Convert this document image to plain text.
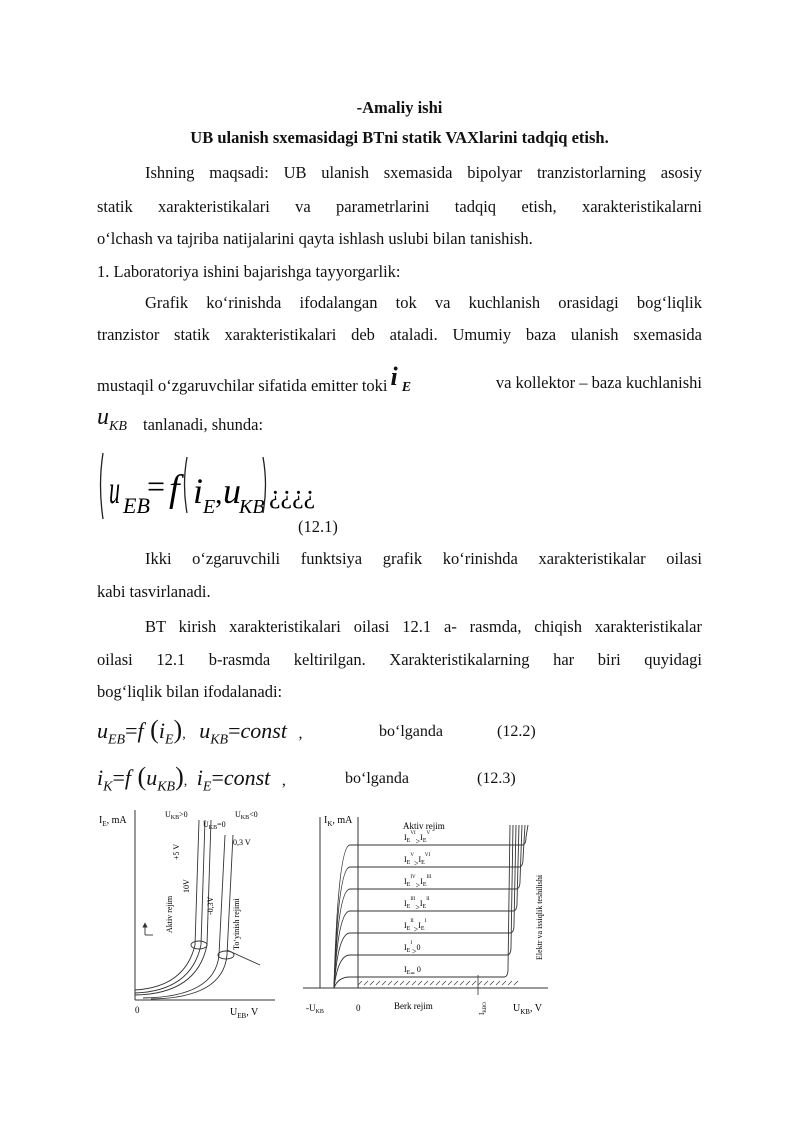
-Amaliy ishi
UB ulanish sxemasidagi BTni statik VAXlarini tadqiq etish.
Ishning maqsadi: UB ulanish sxemasida bipolyar tranzistorlarning asosiy
statik xarakteristikalari va parametrlarini tadqiq etish, xarakteristikalarni
o‘lchash va tajriba natijalarini qayta ishlash uslubi bilan tanishish.
1. Laboratoriya ishini bajarishga tayyorgarlik:
Grafik ko‘rinishda ifodalangan tok va kuchlanish orasidagi bog‘liqlik
tranzistor statik xarakteristikalari deb ataladi. Umumiy baza ulanish sxemasida
mustaqil o‘zgaruvchilar sifatida emitter toki i E	va kollektor – baza kuchlanishi
uKB tanlanadi, shunda:
u EB
= f i E , u
KB ¿¿¿¿
(12.1)
Ikki o‘zgaruvchili funktsiya grafik ko‘rinishda xarakteristikalar oilasi
kabi tasvirlanadi.
BT kirish xarakteristikalari oilasi 12.1 a- rasmda, chiqish xarakteristikalar
oilasi 12.1 b-rasmda keltirilgan. Xarakteristikalarning har biri quyidagi
bog‘liqlik bilan ifodalanadi:
$u_{EB}=f$ $(i_E)$, $u_{KB}=const$ ,	bo‘lganda	(12.2)
$i_K=f$ $(u_{KB})$, $i_E=const$ ,	bo‘lganda	(12.3)
$I_E$, mA
0	$U_{EB}$, V
$U_{KB}>0$
$U_{KB}=0$
$U_{KB}<0$
0,3 V
+5 V
10V
-0,3V
Aktiv rejim	To‘yinish rejimi
$I_K$, mA
$-U_{KB}$	0	Berk rejim	$U_{KB}$, V
Aktiv rejim
$I_{KBO}$
Elektr va issiqlik teshilishi
$I_E^{VI}>I_E^V$
$I_E^V>I_E^{VI}$
$I_E^{IV}>I_E^{III}$
$I_E^{III}>I_E^{II}$
$I_E^{II}>I_E^I$
$I_E^I>0$
$I_E= 0$
